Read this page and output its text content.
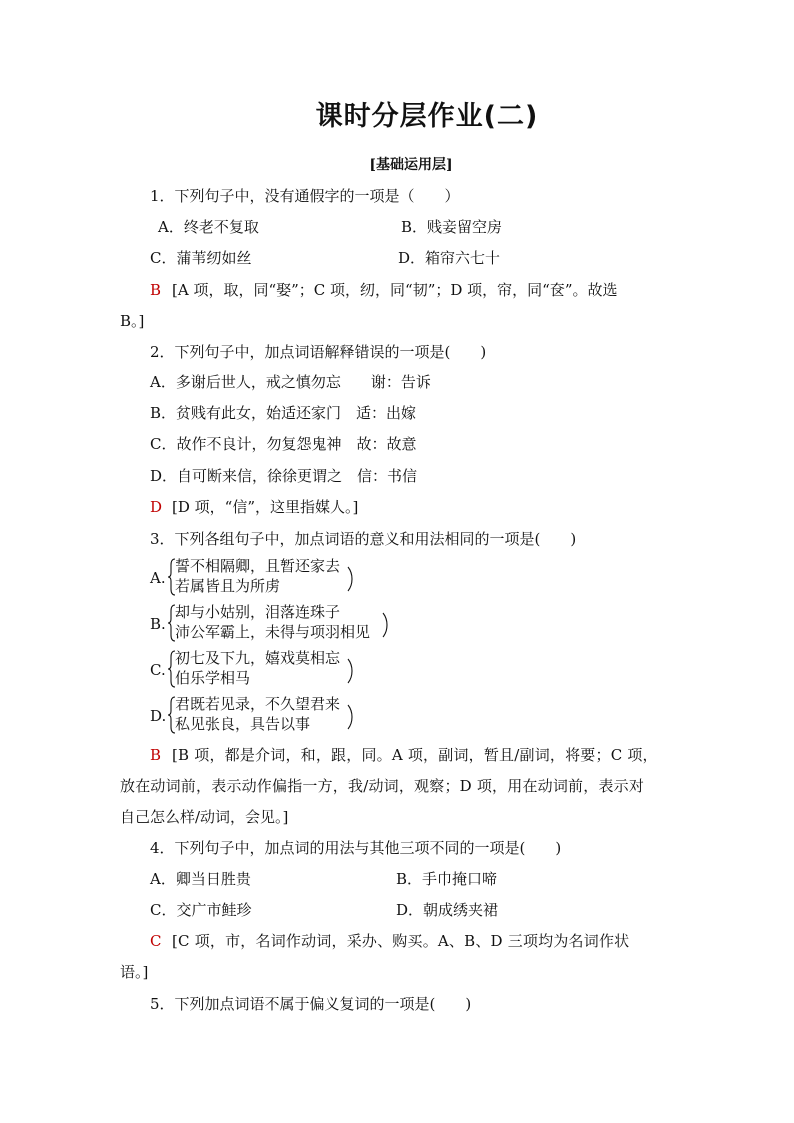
课时分层作业(二)
[基础运用层]
1．下列句子中，没有通假字的一项是（　　）
A．终老不复取	B．贱妾留空房
C．蒲苇纫如丝	D．箱帘六七十
B [A 项，取，同“娶”；C 项，纫，同“韧”；D 项，帘，同“奁”。故选
B。]
2．下列句子中，加点词语解释错误的一项是(　　)
A．多谢后世人，戒之慎勿忘　　谢：告诉
B．贫贱有此女，始适还家门　适：出嫁
C．故作不良计，勿复怨鬼神　故：故意
D．自可断来信，徐徐更谓之　信：书信
D [D 项，“信”，这里指媒人。]
3．下列各组句子中，加点词语的意义和用法相同的一项是(　　)
A.
誓不相隔卿，且暂还家去
若属皆且为所虏
B.
却与小姑别，泪落连珠子
沛公军霸上，未得与项羽相见
C.
初七及下九，嬉戏莫相忘
伯乐学相马
D.
君既若见录，不久望君来
私见张良，具告以事
B [B 项，都是介词，和，跟，同。A 项，副词，暂且/副词，将要；C 项，
放在动词前，表示动作偏指一方，我/动词，观察；D 项，用在动词前，表示对
自己怎么样/动词，会见。]
4．下列句子中，加点词的用法与其他三项不同的一项是(　　)
A．卿当日胜贵	B．手巾掩口啼
C．交广市鲑珍	D．朝成绣夹裙
C [C 项，市，名词作动词，采办、购买。A、B、D 三项均为名词作状
语。]
5．下列加点词语不属于偏义复词的一项是(　　)
